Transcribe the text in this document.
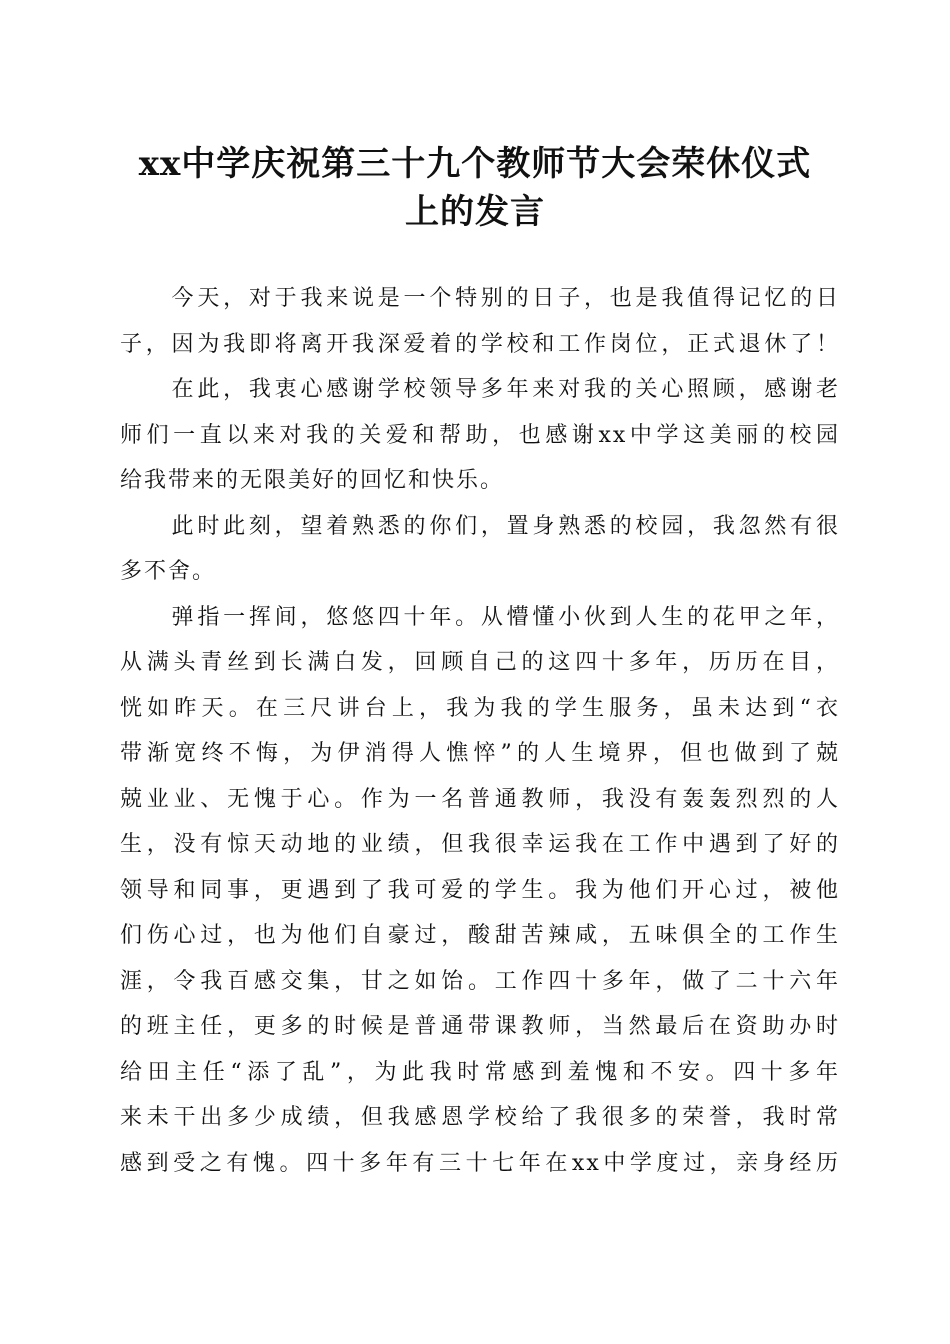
xx中学庆祝第三十九个教师节大会荣休仪式
上的发言
　　今天，对于我来说是一个特别的日子，也是我值得记忆的日
子，因为我即将离开我深爱着的学校和工作岗位，正式退休了！
　　在此，我衷心感谢学校领导多年来对我的关心照顾，感谢老
师们一直以来对我的关爱和帮助，也感谢xx中学这美丽的校园
给我带来的无限美好的回忆和快乐。
　　此时此刻，望着熟悉的你们，置身熟悉的校园，我忽然有很
多不舍。
　　弹指一挥间，悠悠四十年。从懵懂小伙到人生的花甲之年，
从满头青丝到长满白发，回顾自己的这四十多年，历历在目，
恍如昨天。在三尺讲台上，我为我的学生服务，虽未达到“衣
带渐宽终不悔，为伊消得人憔悴”的人生境界，但也做到了兢
兢业业、无愧于心。作为一名普通教师，我没有轰轰烈烈的人
生，没有惊天动地的业绩，但我很幸运我在工作中遇到了好的
领导和同事，更遇到了我可爱的学生。我为他们开心过，被他
们伤心过，也为他们自豪过，酸甜苦辣咸，五味俱全的工作生
涯，令我百感交集，甘之如饴。工作四十多年，做了二十六年
的班主任，更多的时候是普通带课教师，当然最后在资助办时
给田主任“添了乱”，为此我时常感到羞愧和不安。四十多年
来未干出多少成绩，但我感恩学校给了我很多的荣誉，我时常
感到受之有愧。四十多年有三十七年在xx中学度过，亲身经历
